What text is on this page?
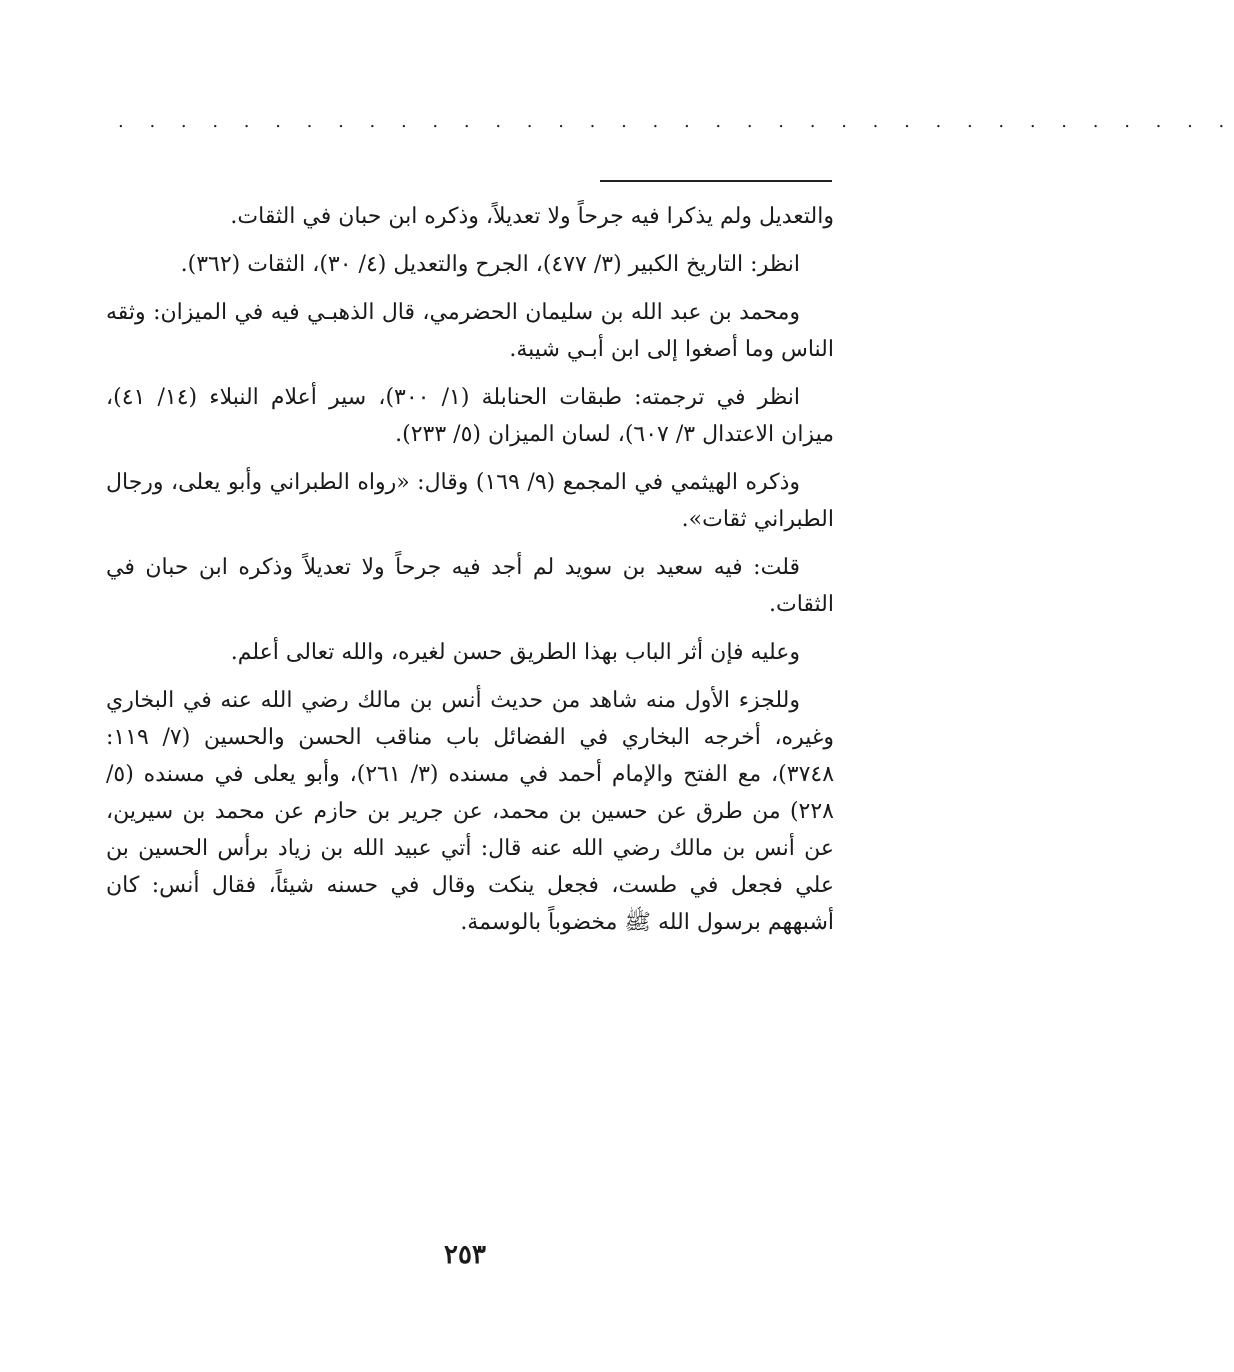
. . . . . . . . . . . . . . . . . . . . . . . . . . . . . . . . . . . .

والتعديل ولم يذكرا فيه جرحاً ولا تعديلاً، وذكره ابن حبان في الثقات.

انظر: التاريخ الكبير (٣/ ٤٧٧)، الجرح والتعديل (٤/ ٣٠)، الثقات (٣٦٢).

ومحمد بن عبد الله بن سليمان الحضرمي، قال الذهبـي فيه في الميزان: وثقه الناس وما أصغوا إلى ابن أبـي شيبة.

انظر في ترجمته: طبقات الحنابلة (١/ ٣٠٠)، سير أعلام النبلاء (١٤/ ٤١)، ميزان الاعتدال ٣/ ٦٠٧)، لسان الميزان (٥/ ٢٣٣).

وذكره الهيثمي في المجمع (٩/ ١٦٩) وقال: «رواه الطبراني وأبو يعلى، ورجال الطبراني ثقات».

قلت: فيه سعيد بن سويد لم أجد فيه جرحاً ولا تعديلاً وذكره ابن حبان في الثقات.

وعليه فإن أثر الباب بهذا الطريق حسن لغيره، والله تعالى أعلم.

وللجزء الأول منه شاهد من حديث أنس بن مالك رضي الله عنه في البخاري وغيره، أخرجه البخاري في الفضائل باب مناقب الحسن والحسين (٧/ ١١٩: ٣٧٤٨)، مع الفتح والإمام أحمد في مسنده (٣/ ٢٦١)، وأبو يعلى في مسنده (٥/ ٢٢٨) من طرق عن حسين بن محمد، عن جرير بن حازم عن محمد بن سيرين، عن أنس بن مالك رضي الله عنه قال: أتي عبيد الله بن زياد برأس الحسين بن علي فجعل في طست، فجعل ينكت وقال في حسنه شيئاً، فقال أنس: كان أشبههم برسول الله ﷺ مخضوباً بالوسمة.

٢٥٣
